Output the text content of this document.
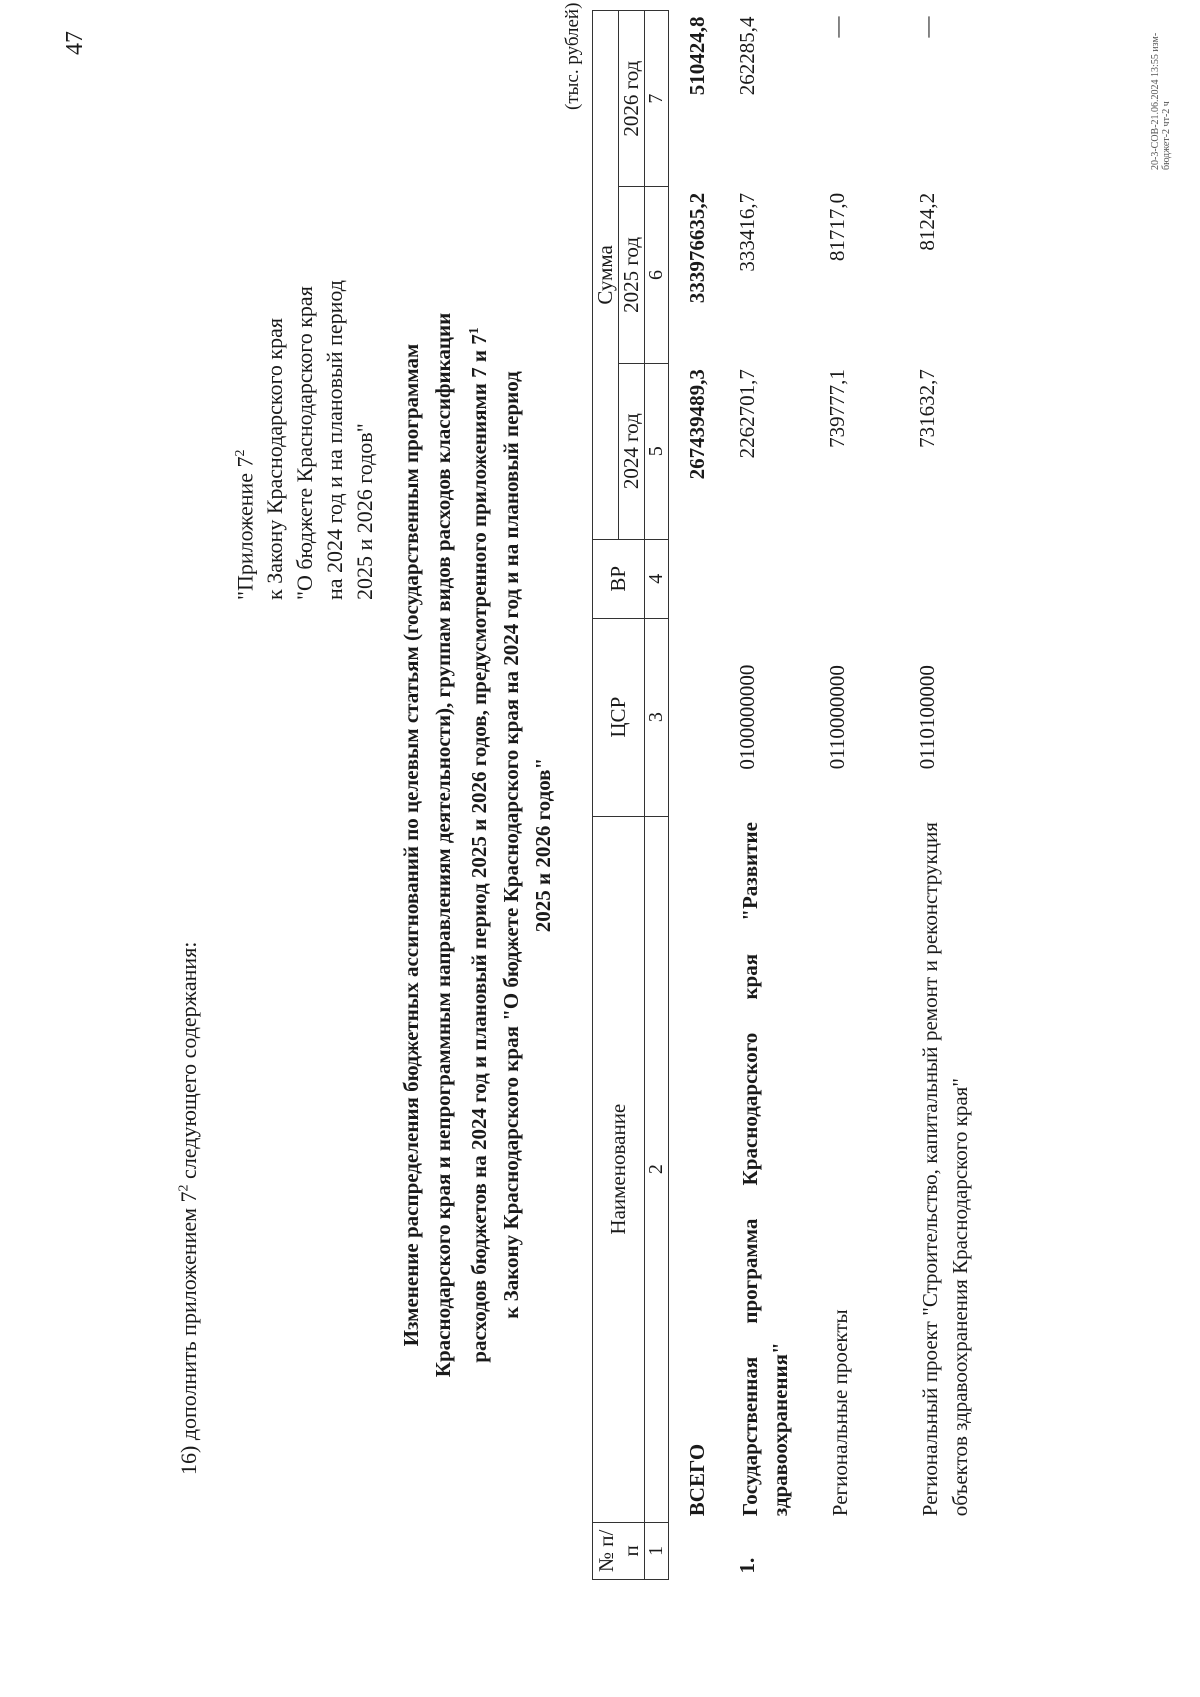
47
16) дополнить приложением $7^2$ следующего содержания:
"Приложение $7^2$ к Закону Краснодарского края "О бюджете Краснодарского края на 2024 год и на плановый период 2025 и 2026 годов" Изменение распределения бюджетных ассигнований по целевым статьям (государственным программам Краснодарского края и непрограммным направлениям деятельности), группам видов расходов классификации расходов бюджетов на 2024 год и плановый период 2025 и 2026 годов, предусмотренного приложениями 7 и $7^1$
к Закону Краснодарского края "О бюджете Краснодарского края на 2024 год и на плановый период 2025 и 2026 годов"
(тыс. рублей)
№ п/п	Наименование	ЦСР	ВР	Сумма		
				2024 год	2025 год	2026 год
1	2	3	4	5	6	7
	ВСЕГО			267439489,3	333976635,2	510424,8
1.	Государственная программа Краснодарского края "Развитие здравоохранения"	0100000000		2262701,7	333416,7	262285,4
	Региональные проекты	0110000000		739777,1	81717,0	—
	Региональный проект "Строительство, капитальный ремонт и реконструкция объектов здравоохранения Краснодарского края"	0110100000		731632,7	8124,2	—
20-3-СОВ-21.06.2024 13:55 изм-бюджет-2 чт-2 ч
